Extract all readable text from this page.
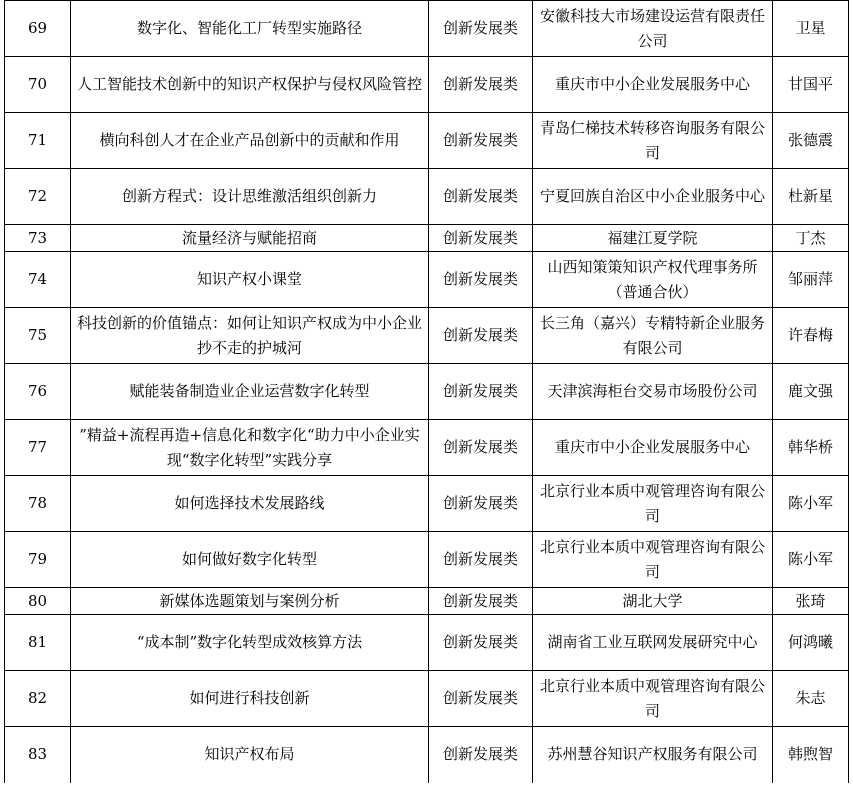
69	数字化、智能化工厂转型实施路径	创新发展类	安徽科技大市场建设运营有限责任公司	卫星
70	人工智能技术创新中的知识产权保护与侵权风险管控	创新发展类	重庆市中小企业发展服务中心	甘国平
71	横向科创人才在企业产品创新中的贡献和作用	创新发展类	青岛仁梯技术转移咨询服务有限公司	张德震
72	创新方程式：设计思维激活组织创新力	创新发展类	宁夏回族自治区中小企业服务中心	杜新星
73	流量经济与赋能招商	创新发展类	福建江夏学院	丁杰
74	知识产权小课堂	创新发展类	山西知策策知识产权代理事务所（普通合伙）	邹丽萍
75	科技创新的价值锚点：如何让知识产权成为中小企业抄不走的护城河	创新发展类	长三角（嘉兴）专精特新企业服务有限公司	许春梅
76	赋能装备制造业企业运营数字化转型	创新发展类	天津滨海柜台交易市场股份公司	鹿文强
77	”精益+流程再造+信息化和数字化“助力中小企业实现“数字化转型”实践分享	创新发展类	重庆市中小企业发展服务中心	韩华桥
78	如何选择技术发展路线	创新发展类	北京行业本质中观管理咨询有限公司	陈小军
79	如何做好数字化转型	创新发展类	北京行业本质中观管理咨询有限公司	陈小军
80	新媒体选题策划与案例分析	创新发展类	湖北大学	张琦
81	“成本制”数字化转型成效核算方法	创新发展类	湖南省工业互联网发展研究中心	何鸿曦
82	如何进行科技创新	创新发展类	北京行业本质中观管理咨询有限公司	朱志
83	知识产权布局	创新发展类	苏州慧谷知识产权服务有限公司	韩煦智
